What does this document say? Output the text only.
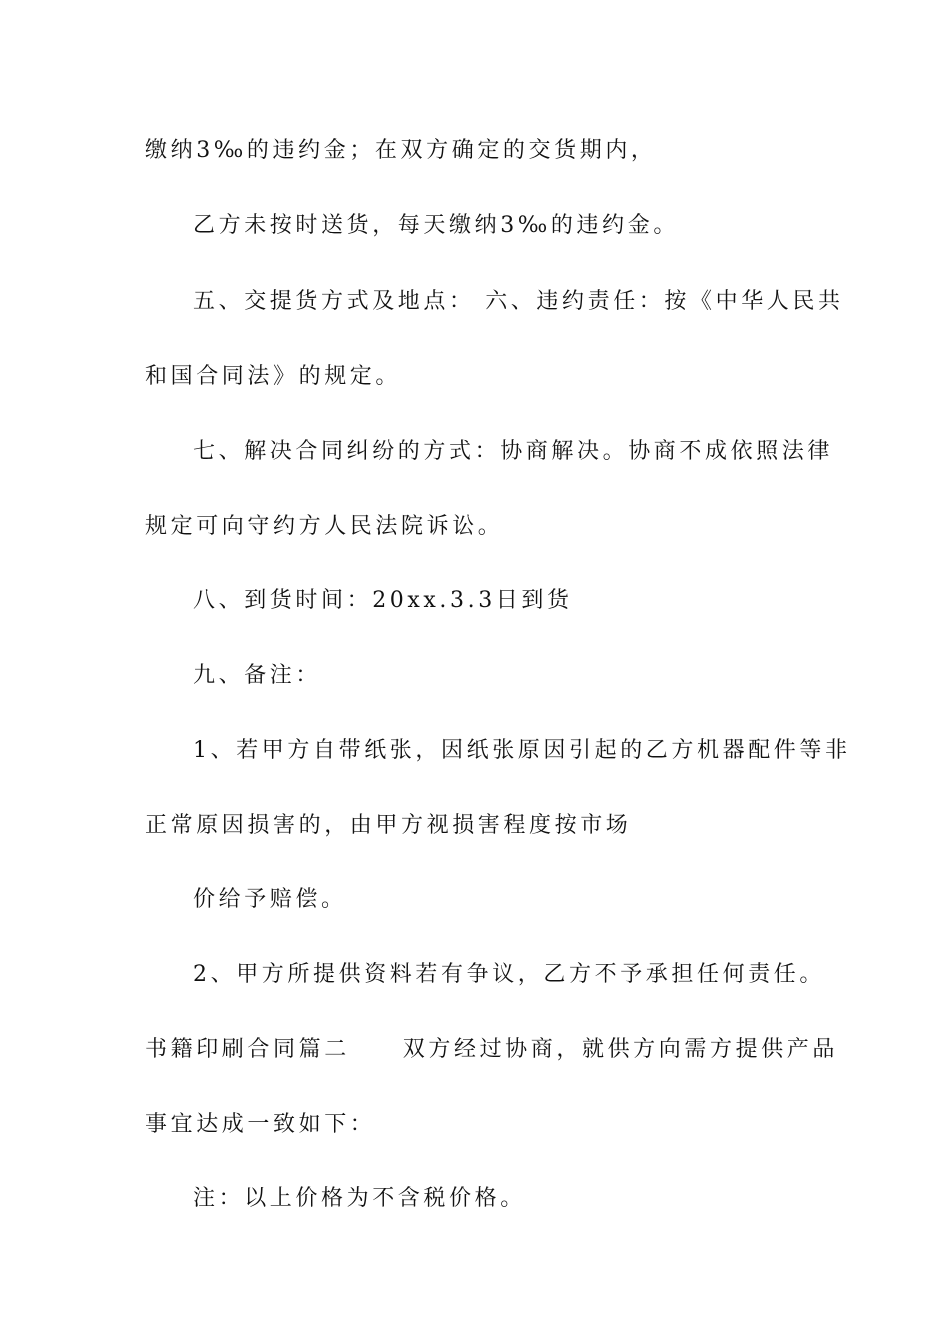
缴纳3‰的违约金；在双方确定的交货期内，
乙方未按时送货，每天缴纳3‰的违约金。
五、交提货方式及地点： 六、违约责任：按《中华人民共
和国合同法》的规定。
七、解决合同纠纷的方式：协商解决。协商不成依照法律
规定可向守约方人民法院诉讼。
八、到货时间：20xx.3.3日到货
九、备注：
1、若甲方自带纸张，因纸张原因引起的乙方机器配件等非
正常原因损害的，由甲方视损害程度按市场
价给予赔偿。
2、甲方所提供资料若有争议，乙方不予承担任何责任。
书籍印刷合同篇二     双方经过协商，就供方向需方提供产品
事宜达成一致如下：
注：以上价格为不含税价格。
